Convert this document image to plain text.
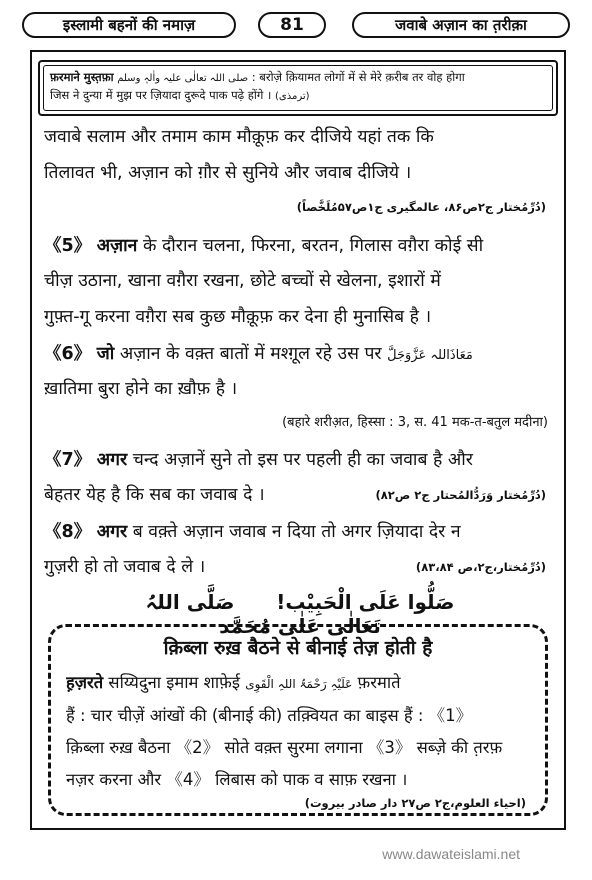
इस्लामी बहनों की नमाज़	81	जवाबे अज़ान का त़रीक़ा
फ़रमाने मुस्त़फ़ा صلی اللہ تعالٰی علیہ واٰلہٖ وسلم : बरोज़े क़ियामत लोगों में से मेरे क़रीब तर वोह होगा
जिस ने दुन्या में मुझ पर ज़ियादा दुरूदे पाक पढ़े होंगे । (ترمذی)
जवाबे सलाम और तमाम काम मौक़ूफ़ कर दीजिये यहां तक कि
तिलावत भी, अज़ान को ग़ौर से सुनिये और जवाब दीजिये ।
(دُرِّمُختار ج۲ص۸۶، عالمگیری ج۱ص۵۷مُلَخَّصاً)
《5》 अज़ान के दौरान चलना, फिरना, बरतन, गिलास वग़ैरा कोई सी
चीज़ उठाना, खाना वग़ैरा रखना, छोटे बच्चों से खेलना, इशारों में
गुफ़्त-गू करना वग़ैरा सब कुछ मौक़ूफ़ कर देना ही मुनासिब है ।
《6》 जो अज़ान के वक़्त बातों में मश्ग़ूल रहे उस पर مَعَاذَاللہ عَزَّوَجَلَّ
ख़ातिमा बुरा होने का ख़ौफ़ है ।
(बहारे शरीअ़त, हिस्सा : 3, स. 41 मक-त-बतुल मदीना)
《7》 अगर चन्द अज़ानें सुने तो इस पर पहली ही का जवाब है और
बेहतर येह है कि सब का जवाब दे ।	(دُرِّمُختار وَرَدُّالمُحتار ج۲ ص۸۲)
《8》 अगर ब वक़्ते अज़ान जवाब न दिया तो अगर ज़ियादा देर न
गुज़री हो तो जवाब दे ले ।	(دُرِّمُختار،ج۲،ص ۸۳،۸۴)
صَلُّوا عَلَی الْحَبِیْب!      صَلَّی اللہُ تَعَالٰی عَلٰی مُحَمَّد
क़िब्ला रुख़ बैठने से बीनाई तेज़ होती है
ह़ज़रते सय्यिदुना इमाम शाफ़ेई عَلَیْہِ رَحْمَۃُ اللہِ الْقَوِی फ़रमाते
हैं : चार चीज़ें आंखों की (बीनाई की) तक़्वियत का बाइस हैं : 《1》
क़िब्ला रुख़ बैठना 《2》 सोते वक़्त सुरमा लगाना 《3》 सब्ज़े की त़रफ़
नज़र करना और 《4》 लिबास को पाक व साफ़ रखना ।
(احیاء العلوم،ج۲ ص۲۷ دار صادر بیروت)
www.dawateislami.net
